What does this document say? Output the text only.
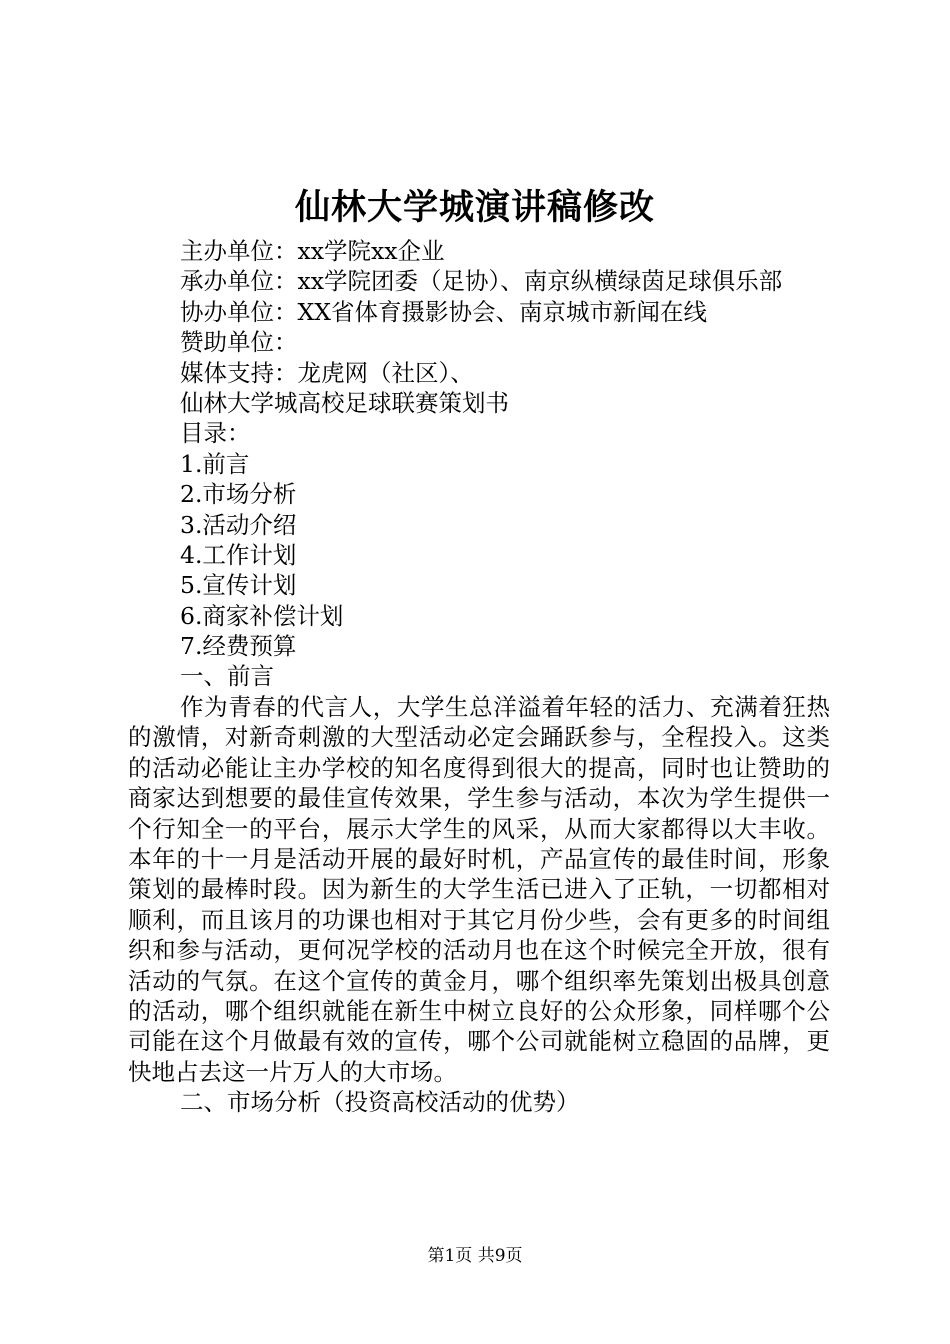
仙林大学城演讲稿修改
主办单位：xx学院xx企业
承办单位：xx学院团委（足协）、南京纵横绿茵足球俱乐部
协办单位：XX省体育摄影协会、南京城市新闻在线
赞助单位：
媒体支持：龙虎网（社区）、
仙林大学城高校足球联赛策划书
目录：
1.前言
2.市场分析
3.活动介绍
4.工作计划
5.宣传计划
6.商家补偿计划
7.经费预算
一、前言
作为青春的代言人，大学生总洋溢着年轻的活力、充满着狂热的激情，对新奇刺激的大型活动必定会踊跃参与，全程投入。这类的活动必能让主办学校的知名度得到很大的提高，同时也让赞助的商家达到想要的最佳宣传效果，学生参与活动，本次为学生提供一个行知全一的平台，展示大学生的风采，从而大家都得以大丰收。本年的十一月是活动开展的最好时机，产品宣传的最佳时间，形象策划的最棒时段。因为新生的大学生活已进入了正轨，一切都相对顺利，而且该月的功课也相对于其它月份少些，会有更多的时间组织和参与活动，更何况学校的活动月也在这个时候完全开放，很有活动的气氛。在这个宣传的黄金月，哪个组织率先策划出极具创意的活动，哪个组织就能在新生中树立良好的公众形象，同样哪个公司能在这个月做最有效的宣传，哪个公司就能树立稳固的品牌，更快地占去这一片万人的大市场。
二、市场分析（投资高校活动的优势）
第1页 共9页
